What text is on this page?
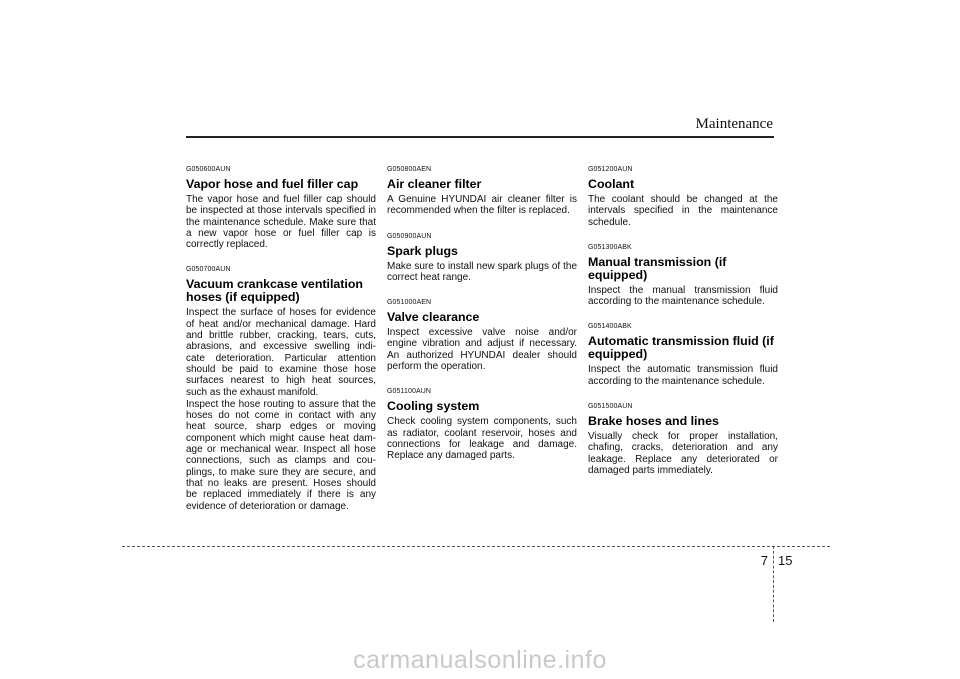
Maintenance
G050600AUN
Vapor hose and fuel filler cap

The vapor hose and fuel filler cap should be inspected at those intervals specified in the maintenance schedule. Make sure that a new vapor hose or fuel filler cap is correctly replaced.

G050700AUN
Vacuum crankcase ventilation hoses (if equipped)

Inspect the surface of hoses for evidence of heat and/or mechanical damage. Hard and brittle rubber, cracking, tears, cuts, abrasions, and excessive swelling indi-cate deterioration. Particular attention should be paid to examine those hose surfaces nearest to high heat sources, such as the exhaust manifold.

Inspect the hose routing to assure that the hoses do not come in contact with any heat source, sharp edges or moving component which might cause heat dam-age or mechanical wear. Inspect all hose connections, such as clamps and cou-plings, to make sure they are secure, and that no leaks are present. Hoses should be replaced immediately if there is any evidence of deterioration or damage.

G050800AEN
Air cleaner filter

A Genuine HYUNDAI air cleaner filter is recommended when the filter is replaced.

G050900AUN
Spark plugs

Make sure to install new spark plugs of the correct heat range.

G051000AEN
Valve clearance

Inspect excessive valve noise and/or engine vibration and adjust if necessary. An authorized HYUNDAI dealer should perform the operation.

G051100AUN
Cooling system

Check cooling system components, such as radiator, coolant reservoir, hoses and connections for leakage and damage. Replace any damaged parts.

G051200AUN
Coolant

The coolant should be changed at the intervals specified in the maintenance schedule.

G051300ABK
Manual transmission (if equipped)

Inspect the manual transmission fluid according to the maintenance schedule.

G051400ABK
Automatic transmission fluid (if equipped)

Inspect the automatic transmission fluid according to the maintenance schedule.

G051500AUN
Brake hoses and lines

Visually check for proper installation, chafing, cracks, deterioration and any leakage. Replace any deteriorated or damaged parts immediately.

7 15
carmanualsonline.info
